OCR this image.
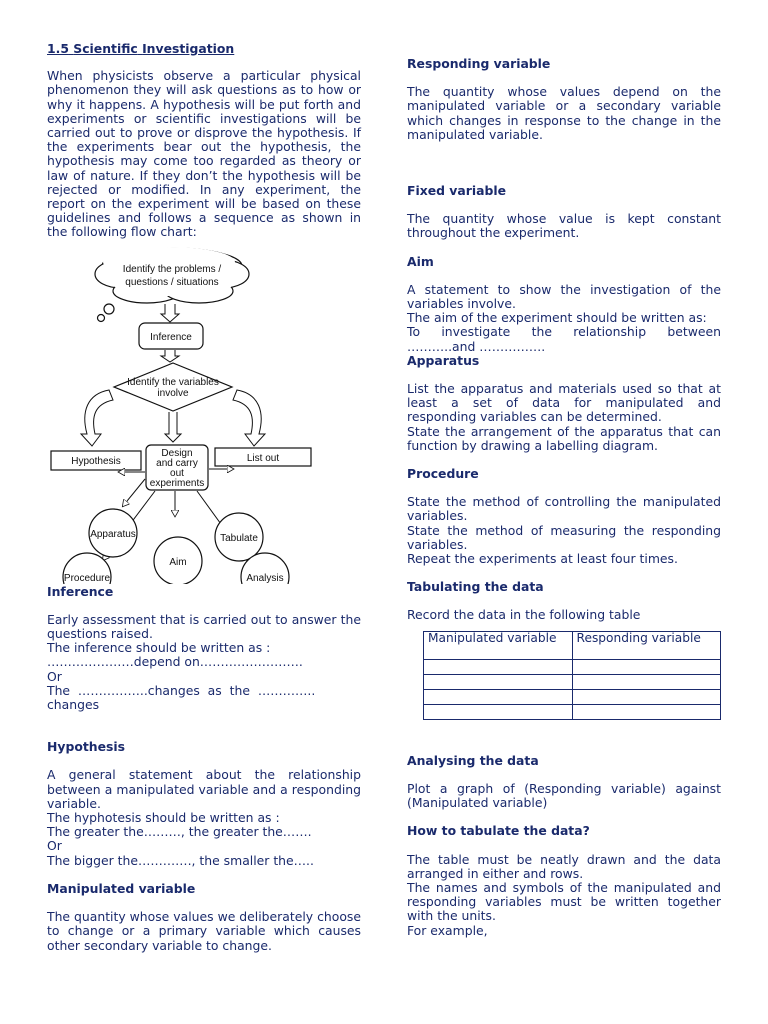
1.5 Scientific Investigation

When physicists observe a particular physical phenomenon they will ask questions as to how or why it happens. A hypothesis will be put forth and experiments or scientific investigations will be carried out to prove or disprove the hypothesis. If the experiments bear out the hypothesis, the hypothesis may come too regarded as theory or law of nature. If they don’t the hypothesis will be rejected or modified. In any experiment, the report on the experiment will be based on these guidelines and follows a sequence as shown in the following flow chart:

Identify the problems /
questions / situations
Inference
Identify the variables
involve
Hypothesis	List out
Design
and carry
out
experiments
Apparatus	Tabulate
Aim
Procedure	Analysis

Inference

Early assessment that is carried out to answer the questions raised.

The inference should be written as :

…………………depend on…………………….

Or

The  ……………..changes  as  the  …………..

changes

Hypothesis

A general statement about the relationship between a manipulated variable and a responding variable.

The hyphotesis should be written as :

The greater the………, the greater the…….

Or

The bigger the…………., the smaller the…..

Manipulated variable

The quantity whose values we deliberately choose to change or a primary variable which causes other secondary variable to change.

Responding variable

The quantity whose values depend on the manipulated variable or a secondary variable which changes in response to the change in the manipulated variable.

Fixed variable

The quantity whose value is kept constant throughout the experiment.

Aim

A statement to show the investigation of the variables involve.

The aim of the experiment should be written as:

To investigate the relationship between

………..and …………….

Apparatus

List the apparatus and materials used so that at least a set of data for manipulated and responding variables can be determined.

State the arrangement of the apparatus that can function by drawing a labelling diagram.

Procedure

State the method of controlling the manipulated variables.

State the method of measuring the responding variables.

Repeat the experiments at least four times.

Tabulating the data

Record the data in the following table

Manipulated variable	Responding variable

Analysing the data

Plot a graph of (Responding variable) against (Manipulated variable)

How to tabulate the data?

The table must be neatly drawn and the data arranged in either and rows.

The names and symbols of the manipulated and responding variables must be written together with the units.

For example,
